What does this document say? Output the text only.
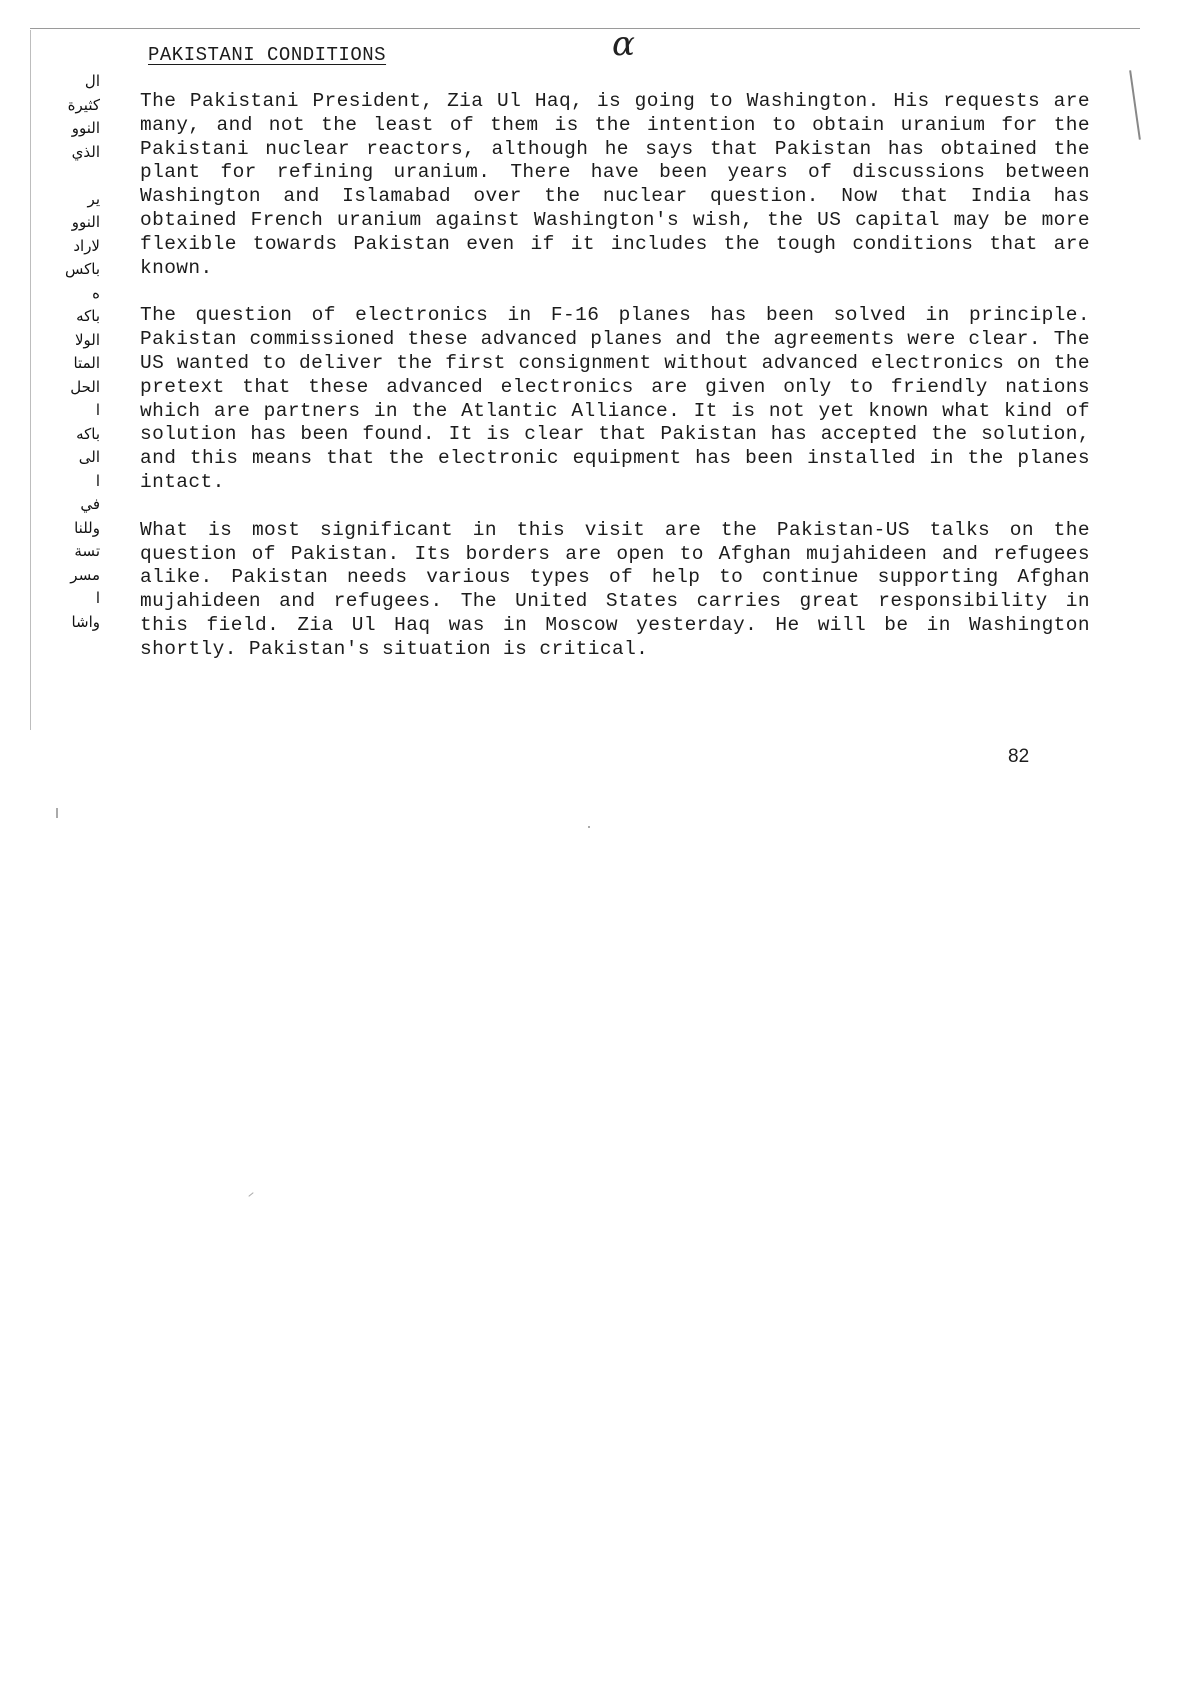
PAKISTANI CONDITIONS	α
ال
كثيرة
النوو
الذي
ير
النوو
لاراد
باكس
ه
باكه
الولا
المتا
الحل
ا
باكه
الى
ا
في
وللنا
تسة
مسر
ا
واشا

The Pakistani President, Zia Ul Haq, is going to Washington. His requests are many, and not the least of them is the intention to obtain uranium for the Pakistani nuclear reactors, although he says that Pakistan has obtained the plant for refining uranium. There have been years of discussions between Washington and Islamabad over the nuclear question. Now that India has obtained French uranium against Washington's wish, the US capital may be more flexible towards Pakistan even if it includes the tough conditions that are known.

The question of electronics in F-16 planes has been solved in principle. Pakistan commissioned these advanced planes and the agreements were clear. The US wanted to deliver the first consignment without advanced electronics on the pretext that these advanced electronics are given only to friendly nations which are partners in the Atlantic Alliance. It is not yet known what kind of solution has been found. It is clear that Pakistan has accepted the solution, and this means that the electronic equipment has been installed in the planes intact.

What is most significant in this visit are the Pakistan-US talks on the question of Pakistan. Its borders are open to Afghan mujahideen and refugees alike. Pakistan needs various types of help to continue supporting Afghan mujahideen and refugees. The United States carries great responsibility in this field. Zia Ul Haq was in Moscow yesterday. He will be in Washington shortly. Pakistan's situation is critical.

82
